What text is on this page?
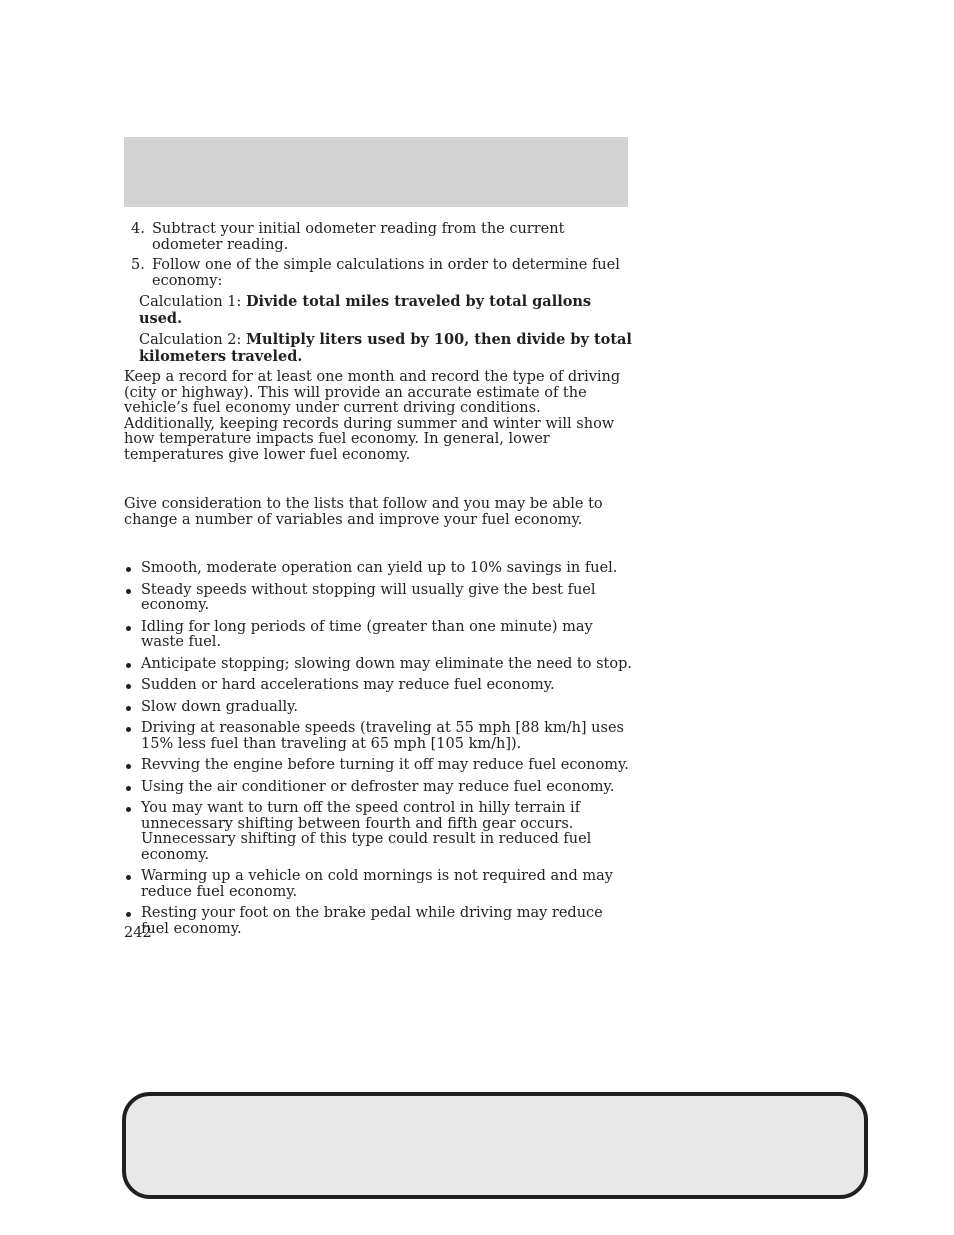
4. Subtract your initial odometer reading from the current odometer reading.
5. Follow one of the simple calculations in order to determine fuel economy:
Calculation 1: Divide total miles traveled by total gallons used.
Calculation 2: Multiply liters used by 100, then divide by total kilometers traveled.

Keep a record for at least one month and record the type of driving (city or highway). This will provide an accurate estimate of the vehicle’s fuel economy under current driving conditions. Additionally, keeping records during summer and winter will show how temperature impacts fuel economy. In general, lower temperatures give lower fuel economy.

Give consideration to the lists that follow and you may be able to change a number of variables and improve your fuel economy.

Smooth, moderate operation can yield up to 10% savings in fuel.
Steady speeds without stopping will usually give the best fuel economy.
Idling for long periods of time (greater than one minute) may waste fuel.
Anticipate stopping; slowing down may eliminate the need to stop.
Sudden or hard accelerations may reduce fuel economy.
Slow down gradually.
Driving at reasonable speeds (traveling at 55 mph [88 km/h] uses 15% less fuel than traveling at 65 mph [105 km/h]).
Revving the engine before turning it off may reduce fuel economy.
Using the air conditioner or defroster may reduce fuel economy.
You may want to turn off the speed control in hilly terrain if unnecessary shifting between fourth and fifth gear occurs. Unnecessary shifting of this type could result in reduced fuel economy.
Warming up a vehicle on cold mornings is not required and may reduce fuel economy.
Resting your foot on the brake pedal while driving may reduce fuel economy.
242
